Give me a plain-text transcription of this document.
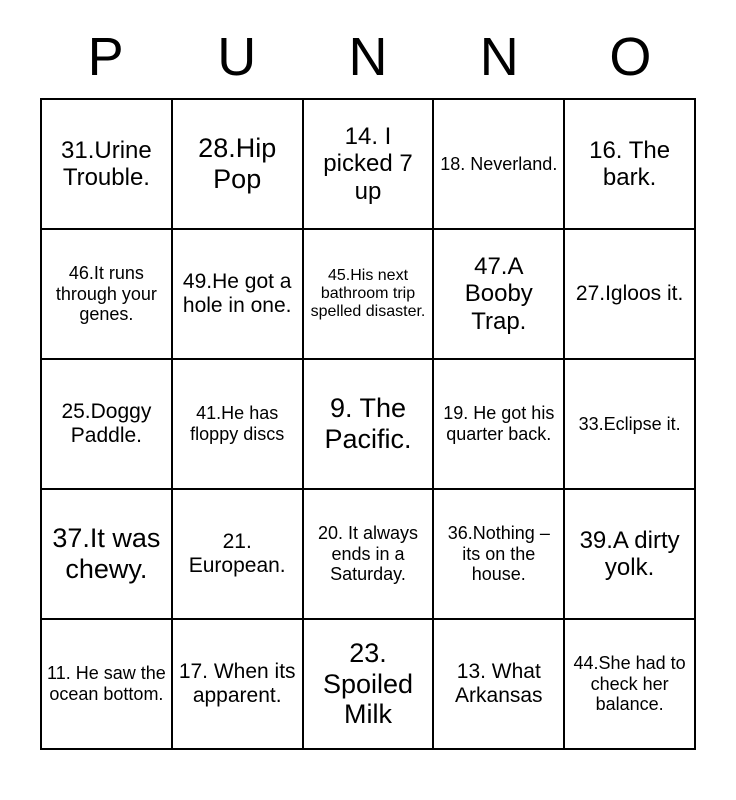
P	U	N	N	O
31.Urine Trouble.	28.Hip Pop	14. I picked 7 up	18. Neverland.	16. The bark.
46.It runs through your genes.	49.He got a hole in one.	45.His next bathroom trip spelled disaster.	47.A Booby Trap.	27.Igloos it.
25.Doggy Paddle.	41.He has floppy discs	9. The Pacific.	19. He got his quarter back.	33.Eclipse it.
37.It was chewy.	21. European.	20. It always ends in a Saturday.	36.Nothing – its on the house.	39.A dirty yolk.
11. He saw the ocean bottom.	17. When its apparent.	23. Spoiled Milk	13. What Arkansas	44.She had to check her balance.
